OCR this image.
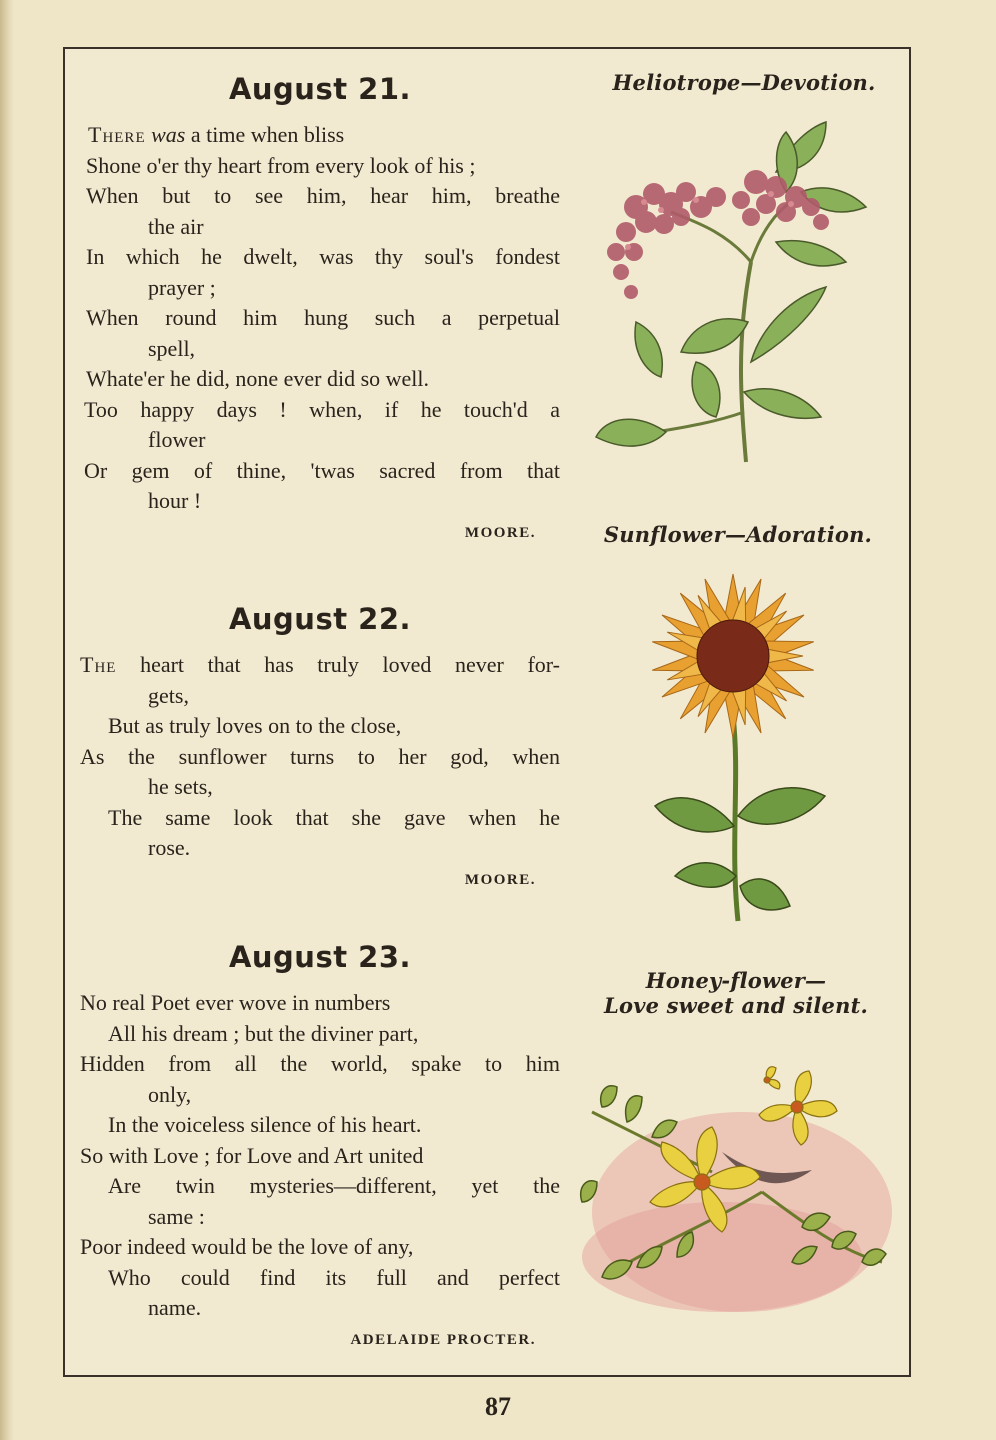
August 21.
There was a time when bliss
Shone o'er thy heart from every look of his ;
When but to see him, hear him, breathe
the air
In which he dwelt, was thy soul's fondest
prayer ;
When round him hung such a perpetual
spell,
Whate'er he did, none ever did so well.
Too happy days ! when, if he touch'd a
flower
Or gem of thine, 'twas sacred from that
hour !
MOORE.
August 22.
The heart that has truly loved never for-
gets,
But as truly loves on to the close,
As the sunflower turns to her god, when
he sets,
The same look that she gave when he
rose.
MOORE.
August 23.
No real Poet ever wove in numbers
All his dream ; but the diviner part,
Hidden from all the world, spake to him
only,
In the voiceless silence of his heart.
So with Love ; for Love and Art united
Are twin mysteries—different, yet the
same :
Poor indeed would be the love of any,
Who could find its full and perfect
name.
ADELAIDE PROCTER.
Heliotrope—Devotion.
Sunflower—Adoration.
Honey-flower—
Love sweet and silent.
87
